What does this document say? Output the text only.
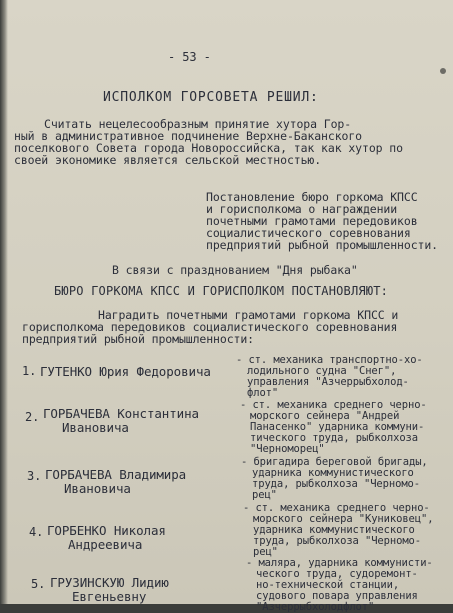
- 53 -
ИСПОЛКОМ ГОРСОВЕТА РЕШИЛ:
Считать нецелесообразным принятие хутора Гор-
ный в административное подчинение Верхне-Баканского
поселкового Совета города Новороссийска, так как хутор по
своей экономике является сельской местностью.
Постановление бюро горкома КПСС
и горисполкома о награждении
почетными грамотами передовиков
социалистического соревнования
предприятий рыбной промышленности.
В связи с празднованием "Дня рыбака"
БЮРО ГОРКОМА КПСС И ГОРИСПОЛКОМ ПОСТАНОВЛЯЮТ:
Наградить почетными грамотами горкома КПСС и
горисполкома передовиков социалистического соревнования
предприятий рыбной промышленности:
1. ГУТЕНКО Юрия Федоровича
- ст. механика транспортно-хо-
лодильного судна "Снег",
управления "Азчеррыбхолод-
флот"
2. ГОРБАЧЕВА Константина
Ивановича
- ст. механика среднего черно-
морского сейнера "Андрей
Панасенко" ударника коммуни-
тического труда, рыбколхоза
"Черноморец"
3. ГОРБАЧЕВА Владимира
Ивановича
- бригадира береговой бригады,
ударника коммунистического
труда, рыбколхоза "Черномо-
рец"
4. ГОРБЕНКО Николая
Андреевича
- ст. механика среднего черно-
морского сейнера "Куниковец",
ударника коммунистического
труда, рыбколхоза "Черномо-
рец"
5. ГРУЗИНСКУЮ Лидию
Евгеньевну
- маляра, ударника коммунисти-
ческого труда, судоремонт-
но-технической станции,
судового повара управления
"Азчеррыбхолодфлот"
